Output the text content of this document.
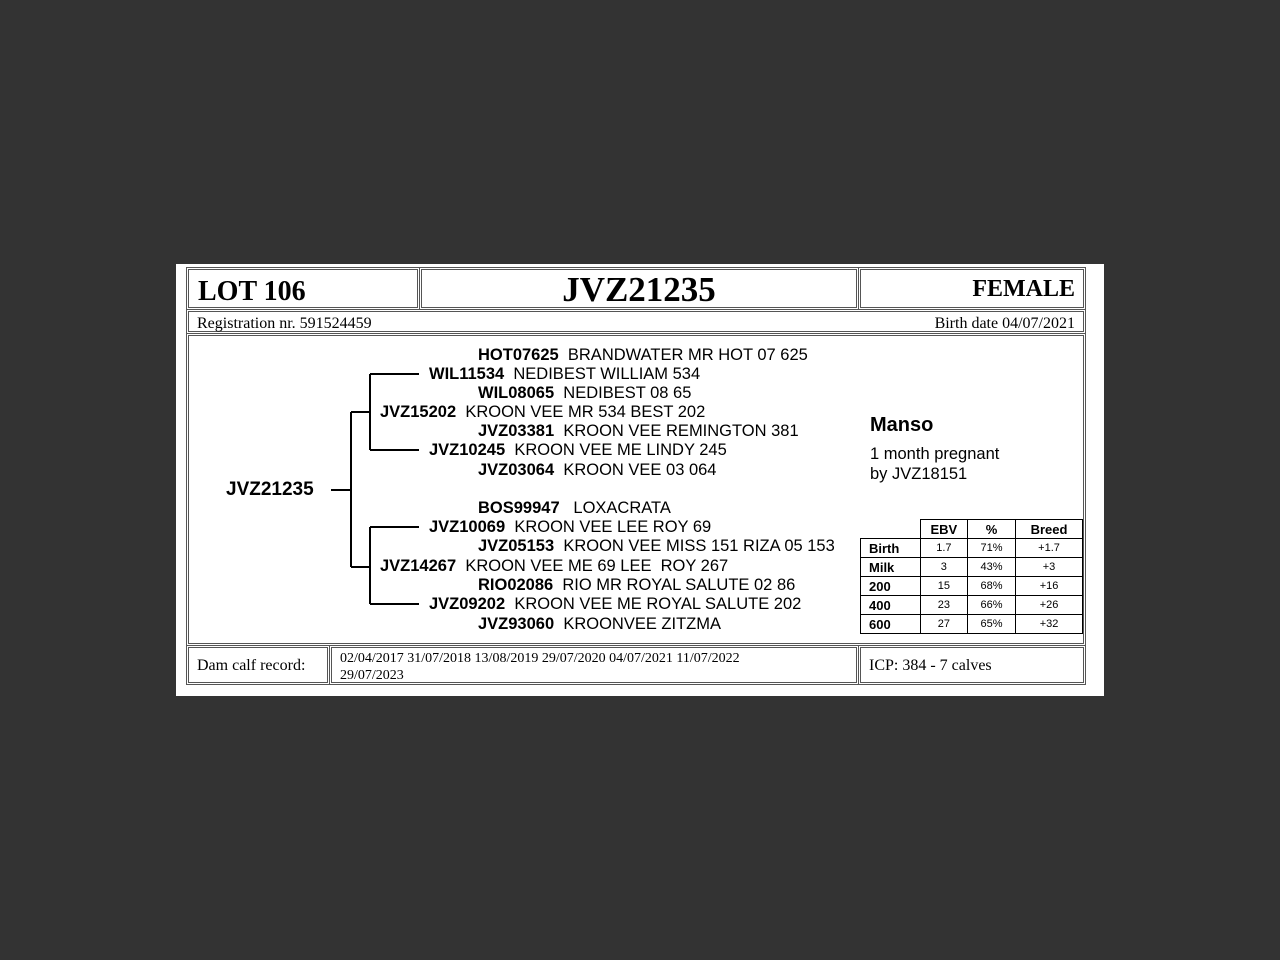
LOT 106	JVZ21235	FEMALE
Registration nr. 591524459	Birth date 04/07/2021
JVZ21235
HOT07625 BRANDWATER MR HOT 07 625
WIL11534 NEDIBEST WILLIAM 534
WIL08065 NEDIBEST 08 65
JVZ15202 KROON VEE MR 534 BEST 202
JVZ03381 KROON VEE REMINGTON 381
JVZ10245 KROON VEE ME LINDY 245
JVZ03064 KROON VEE 03 064
BOS99947   LOXACRATA
JVZ10069 KROON VEE LEE ROY 69
JVZ05153 KROON VEE MISS 151 RIZA 05 153
JVZ14267 KROON VEE ME 69 LEE  ROY 267
RIO02086 RIO MR ROYAL SALUTE 02 86
JVZ09202 KROON VEE ME ROYAL SALUTE 202
JVZ93060 KROONVEE ZITZMA
Manso
1 month pregnant
by JVZ18151
	EBV	%	Breed
Birth	1.7	71%	+1.7
Milk	3	43%	+3
200	15	68%	+16
400	23	66%	+26
600	27	65%	+32
Dam calf record:	02/04/2017 31/07/2018 13/08/2019 29/07/2020 04/07/2021 11/07/2022
29/07/2023
ICP: 384 - 7 calves
